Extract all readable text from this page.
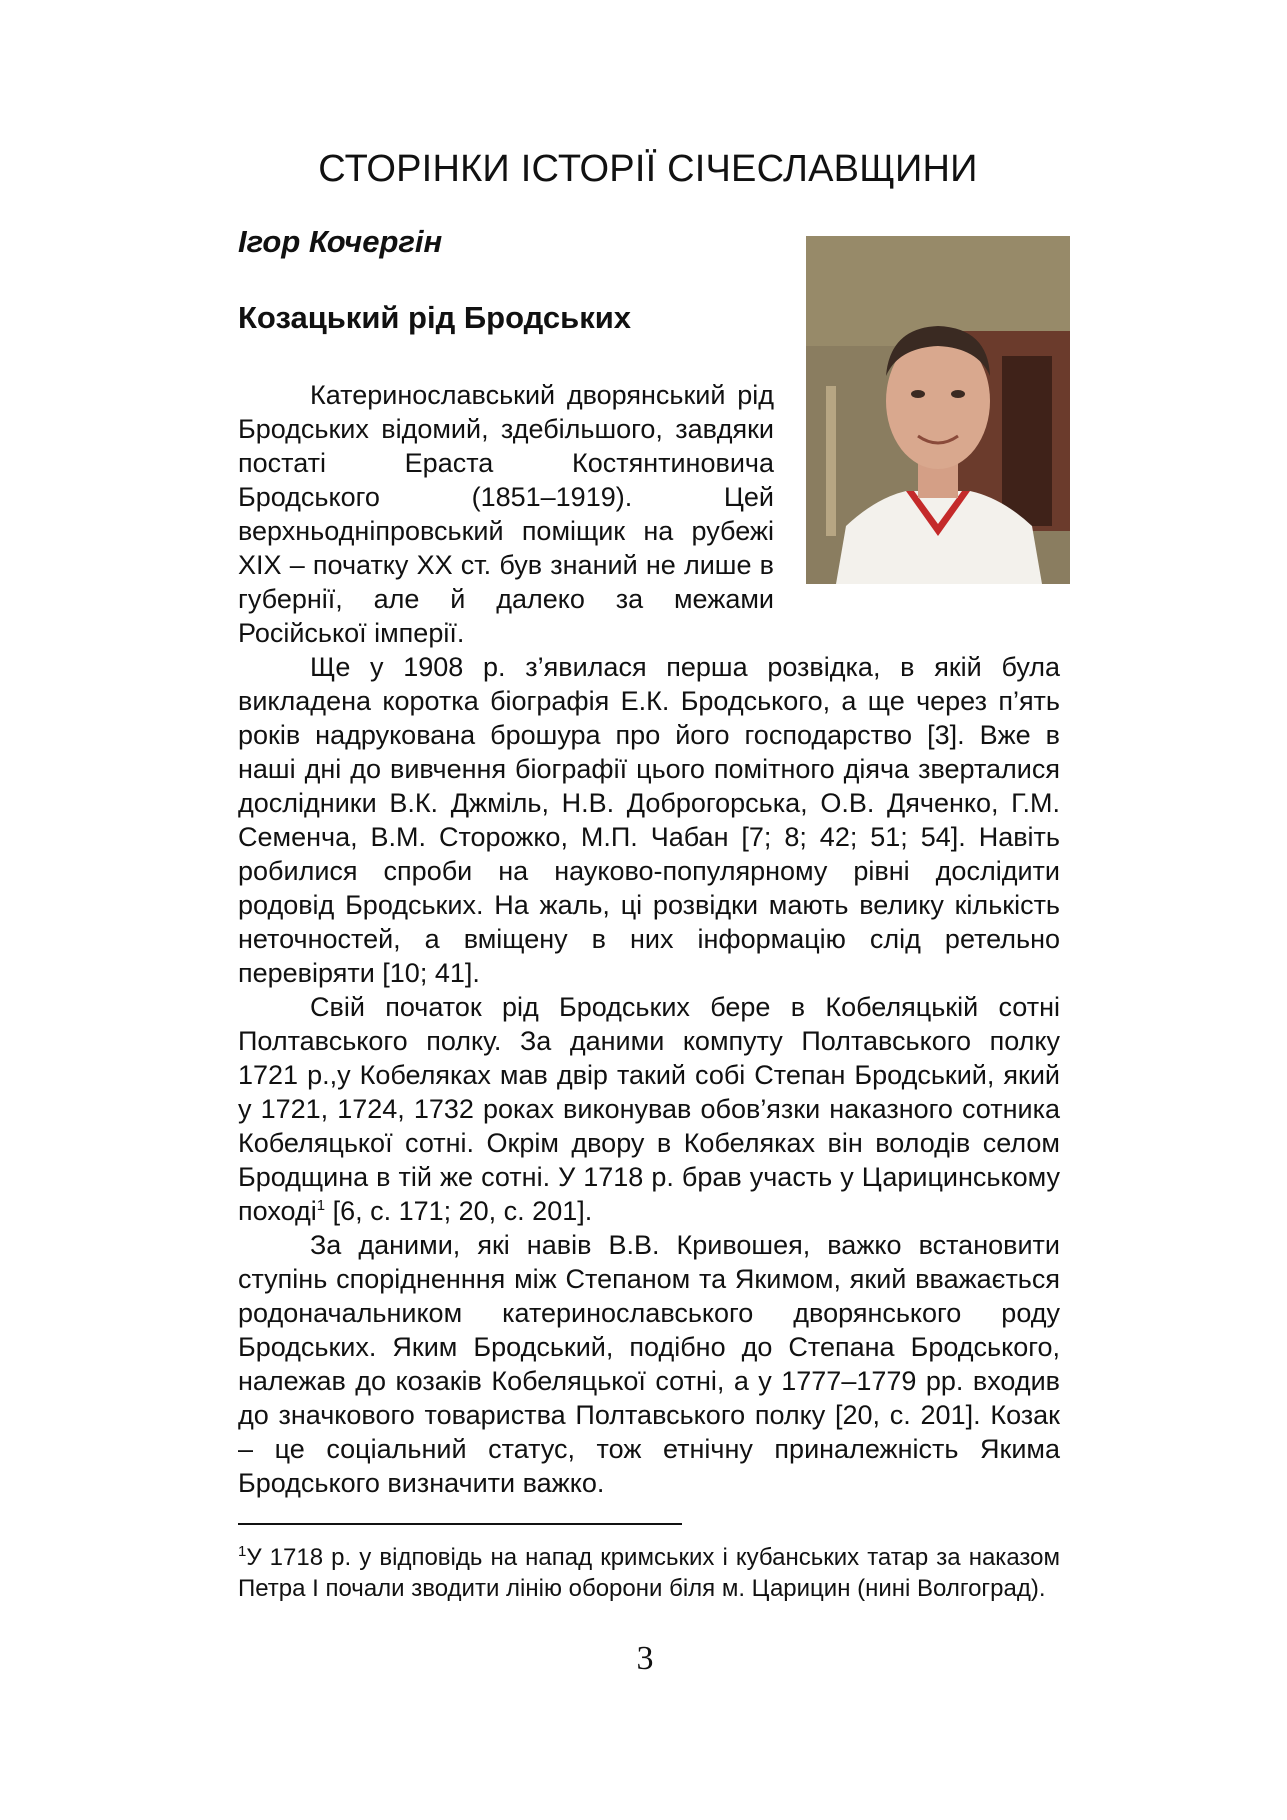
СТОРІНКИ ІСТОРІЇ СІЧЕСЛАВЩИНИ
Ігор Кочергін
Козацький рід Бродських

Катеринославський дворянський рід Бродських відомий, здебільшого, завдяки постаті Ераста Костянтиновича Бродського (1851–1919). Цей верхньодніпровський поміщик на рубежі XIX – початку XX ст. був знаний не лише в губернії, але й далеко за межами Російської імперії.

Ще у 1908 р. з’явилася перша розвідка, в якій була викладена коротка біографія Е.К. Бродського, а ще через п’ять років надрукована брошура про його господарство [3]. Вже в наші дні до вивчення біографії цього помітного діяча зверталися дослідники В.К. Джміль, Н.В. Доброгорська, О.В. Дяченко, Г.М. Семенча, В.М. Сторожко, М.П. Чабан [7; 8; 42; 51; 54]. Навіть робилися спроби на науково-популярному рівні дослідити родовід Бродських. На жаль, ці розвідки мають велику кількість неточностей, а вміщену в них інформацію слід ретельно перевіряти [10; 41].

Свій початок рід Бродських бере в Кобеляцькій сотні Полтавського полку. За даними компуту Полтавського полку 1721 р.,у Кобеляках мав двір такий собі Степан Бродський, який у 1721, 1724, 1732 роках виконував обов’язки наказного сотника Кобеляцької сотні. Окрім двору в Кобеляках він володів селом Бродщина в тій же сотні. У 1718 р. брав участь у Царицинському поході$^1$ [6, с. 171; 20, с. 201].

За даними, які навів В.В. Кривошея, важко встановити ступінь спорідненння між Степаном та Якимом, який вважається родоначальником катеринославського дворянського роду Бродських. Яким Бродський, подібно до Степана Бродського, належав до козаків Кобеляцької сотні, а у 1777–1779 рр. входив до значкового товариства Полтавського полку [20, с. 201]. Козак – це соціальний статус, тож етнічну приналежність Якима Бродського визначити важко.

$^1$У 1718 р. у відповідь на напад кримських і кубанських татар за наказом Петра І почали зводити лінію оборони біля м. Царицин (нині Волгоград).

3
